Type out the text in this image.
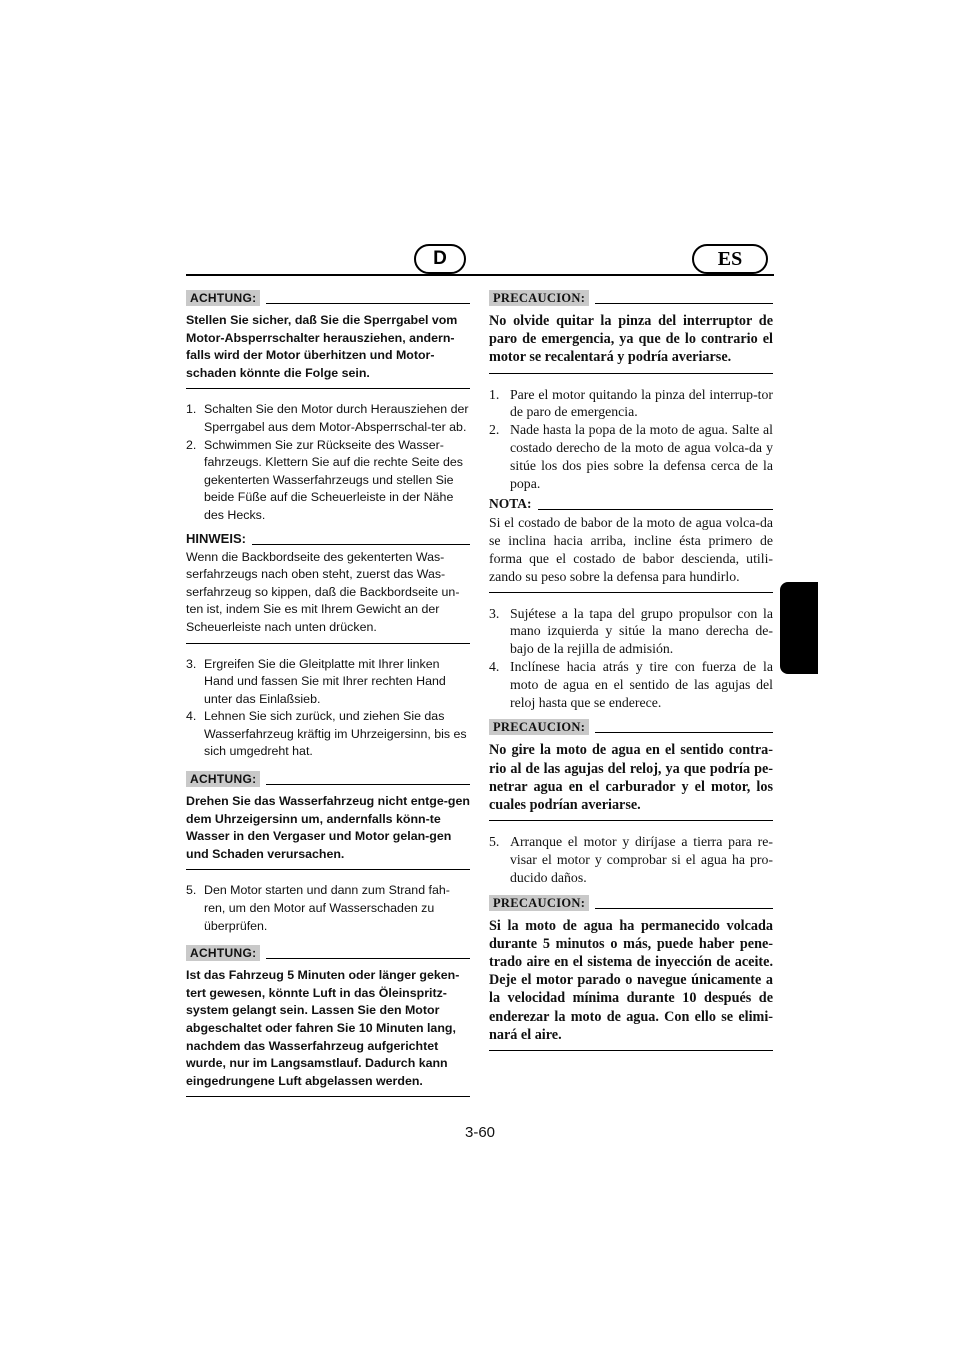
D	ES
ACHTUNG:
Stellen Sie sicher, daß Sie die Sperrgabel vom Motor-Absperrschalter herausziehen, andern-falls wird der Motor überhitzen und Motor-schaden könnte die Folge sein.
1. Schalten Sie den Motor durch Herausziehen der Sperrgabel aus dem Motor-Absperrschal-ter ab.
2. Schwimmen Sie zur Rückseite des Wasser-fahrzeugs. Klettern Sie auf die rechte Seite des gekenterten Wasserfahrzeugs und stellen Sie beide Füße auf die Scheuerleiste in der Nähe des Hecks.
HINWEIS:
Wenn die Backbordseite des gekenterten Was-serfahrzeugs nach oben steht, zuerst das Was-serfahrzeug so kippen, daß die Backbordseite un-ten ist, indem Sie es mit Ihrem Gewicht an der Scheuerleiste nach unten drücken.
3. Ergreifen Sie die Gleitplatte mit Ihrer linken Hand und fassen Sie mit Ihrer rechten Hand unter das Einlaßsieb.
4. Lehnen Sie sich zurück, und ziehen Sie das Wasserfahrzeug kräftig im Uhrzeigersinn, bis es sich umgedreht hat.
ACHTUNG:
Drehen Sie das Wasserfahrzeug nicht entge-gen dem Uhrzeigersinn um, andernfalls könn-te Wasser in den Vergaser und Motor gelan-gen und Schaden verursachen.
5. Den Motor starten und dann zum Strand fah-ren, um den Motor auf Wasserschaden zu überprüfen.
ACHTUNG:
Ist das Fahrzeug 5 Minuten oder länger geken-tert gewesen, könnte Luft in das Öleinspritz-system gelangt sein. Lassen Sie den Motor abgeschaltet oder fahren Sie 10 Minuten lang, nachdem das Wasserfahrzeug aufgerichtet wurde, nur im Langsamstlauf. Dadurch kann eingedrungene Luft abgelassen werden.
PRECAUCION:
No olvide quitar la pinza del interruptor de paro de emergencia, ya que de lo contrario el motor se recalentará y podría averiarse.
1. Pare el motor quitando la pinza del interrup-tor de paro de emergencia.
2. Nade hasta la popa de la moto de agua. Salte al costado derecho de la moto de agua volca-da y sitúe los dos pies sobre la defensa cerca de la popa.
NOTA:
Si el costado de babor de la moto de agua volca-da se inclina hacia arriba, incline ésta primero de forma que el costado de babor descienda, utili-zando su peso sobre la defensa para hundirlo.
3. Sujétese a la tapa del grupo propulsor con la mano izquierda y sitúe la mano derecha de-bajo de la rejilla de admisión.
4. Inclínese hacia atrás y tire con fuerza de la moto de agua en el sentido de las agujas del reloj hasta que se enderece.
PRECAUCION:
No gire la moto de agua en el sentido contra-rio al de las agujas del reloj, ya que podría pe-netrar agua en el carburador y el motor, los cuales podrían averiarse.
5. Arranque el motor y diríjase a tierra para re-visar el motor y comprobar si el agua ha pro-ducido daños.
PRECAUCION:
Si la moto de agua ha permanecido volcada durante 5 minutos o más, puede haber pene-trado aire en el sistema de inyección de aceite. Deje el motor parado o navegue únicamente a la velocidad mínima durante 10 después de enderezar la moto de agua. Con ello se elimi-nará el aire.
3-60
